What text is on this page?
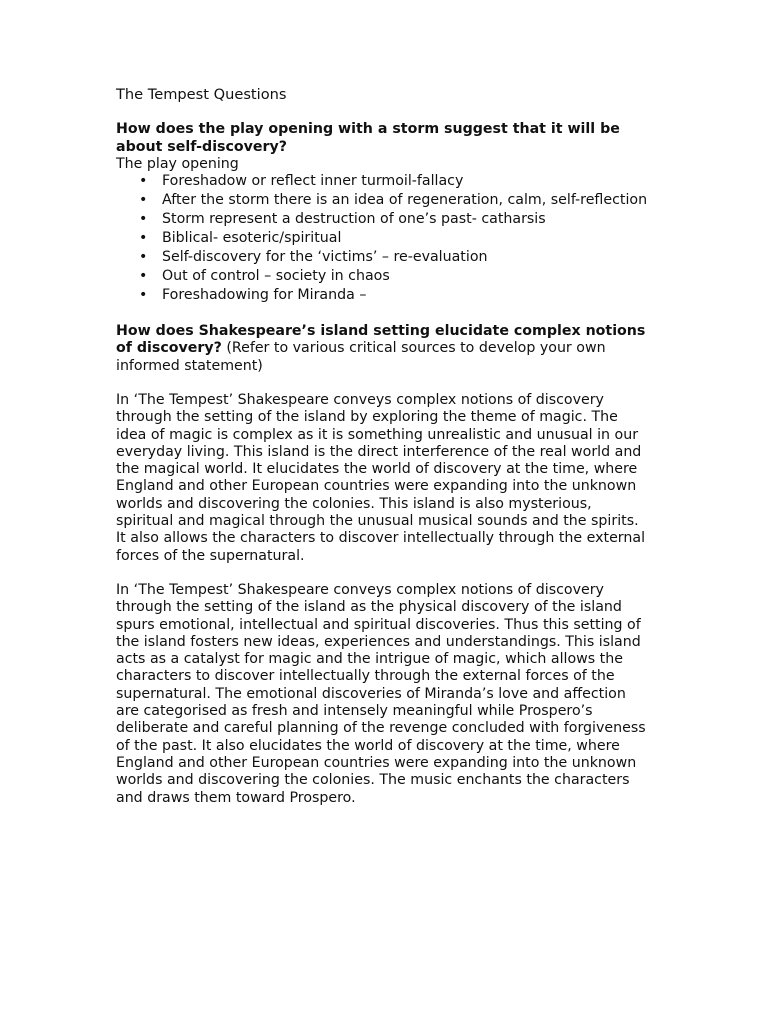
The Tempest Questions

How does the play opening with a storm suggest that it will be about self-discovery?

The play opening

• Foreshadow or reflect inner turmoil-fallacy
• After the storm there is an idea of regeneration, calm, self-reflection
• Storm represent a destruction of one’s past- catharsis
• Biblical- esoteric/spiritual
• Self-discovery for the ‘victims’ – re-evaluation
• Out of control – society in chaos
• Foreshadowing for Miranda –

How does Shakespeare’s island setting elucidate complex notions of discovery? (Refer to various critical sources to develop your own informed statement)

In ‘The Tempest’ Shakespeare conveys complex notions of discovery through the setting of the island by exploring the theme of magic. The idea of magic is complex as it is something unrealistic and unusual in our everyday living. This island is the direct interference of the real world and the magical world. It elucidates the world of discovery at the time, where England and other European countries were expanding into the unknown worlds and discovering the colonies. This island is also mysterious, spiritual and magical through the unusual musical sounds and the spirits. It also allows the characters to discover intellectually through the external forces of the supernatural.

In ‘The Tempest’ Shakespeare conveys complex notions of discovery through the setting of the island as the physical discovery of the island spurs emotional, intellectual and spiritual discoveries. Thus this setting of the island fosters new ideas, experiences and understandings. This island acts as a catalyst for magic and the intrigue of magic, which allows the characters to discover intellectually through the external forces of the supernatural. The emotional discoveries of Miranda’s love and affection are categorised as fresh and intensely meaningful while Prospero’s deliberate and careful planning of the revenge concluded with forgiveness of the past. It also elucidates the world of discovery at the time, where England and other European countries were expanding into the unknown worlds and discovering the colonies. The music enchants the characters and draws them toward Prospero.
